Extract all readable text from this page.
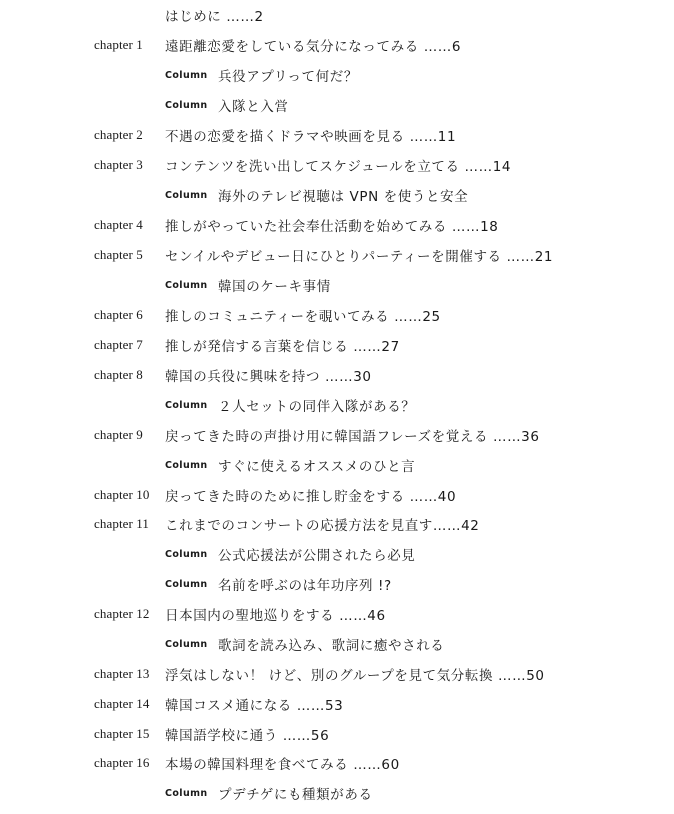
はじめに ……2
chapter 1 遠距離恋愛をしている気分になってみる ……6
Column 兵役アプリって何だ？
Column 入隊と入営
chapter 2 不遇の恋愛を描くドラマや映画を見る ……11
chapter 3 コンテンツを洗い出してスケジュールを立てる ……14
Column 海外のテレビ視聴は VPN を使うと安全
chapter 4 推しがやっていた社会奉仕活動を始めてみる ……18
chapter 5 センイルやデビュー日にひとりパーティーを開催する ……21
Column 韓国のケーキ事情
chapter 6 推しのコミュニティーを覗いてみる ……25
chapter 7 推しが発信する言葉を信じる ……27
chapter 8 韓国の兵役に興味を持つ ……30
Column ２人セットの同伴入隊がある？
chapter 9 戻ってきた時の声掛け用に韓国語フレーズを覚える ……36
Column すぐに使えるオススメのひと言
chapter 10 戻ってきた時のために推し貯金をする ……40
chapter 11 これまでのコンサートの応援方法を見直す……42
Column 公式応援法が公開されたら必見
Column 名前を呼ぶのは年功序列 !?
chapter 12 日本国内の聖地巡りをする ……46
Column 歌詞を読み込み、歌詞に癒やされる
chapter 13 浮気はしない！ けど、別のグループを見て気分転換 ……50
chapter 14 韓国コスメ通になる ……53
chapter 15 韓国語学校に通う ……56
chapter 16 本場の韓国料理を食べてみる ……60
Column プデチゲにも種類がある
